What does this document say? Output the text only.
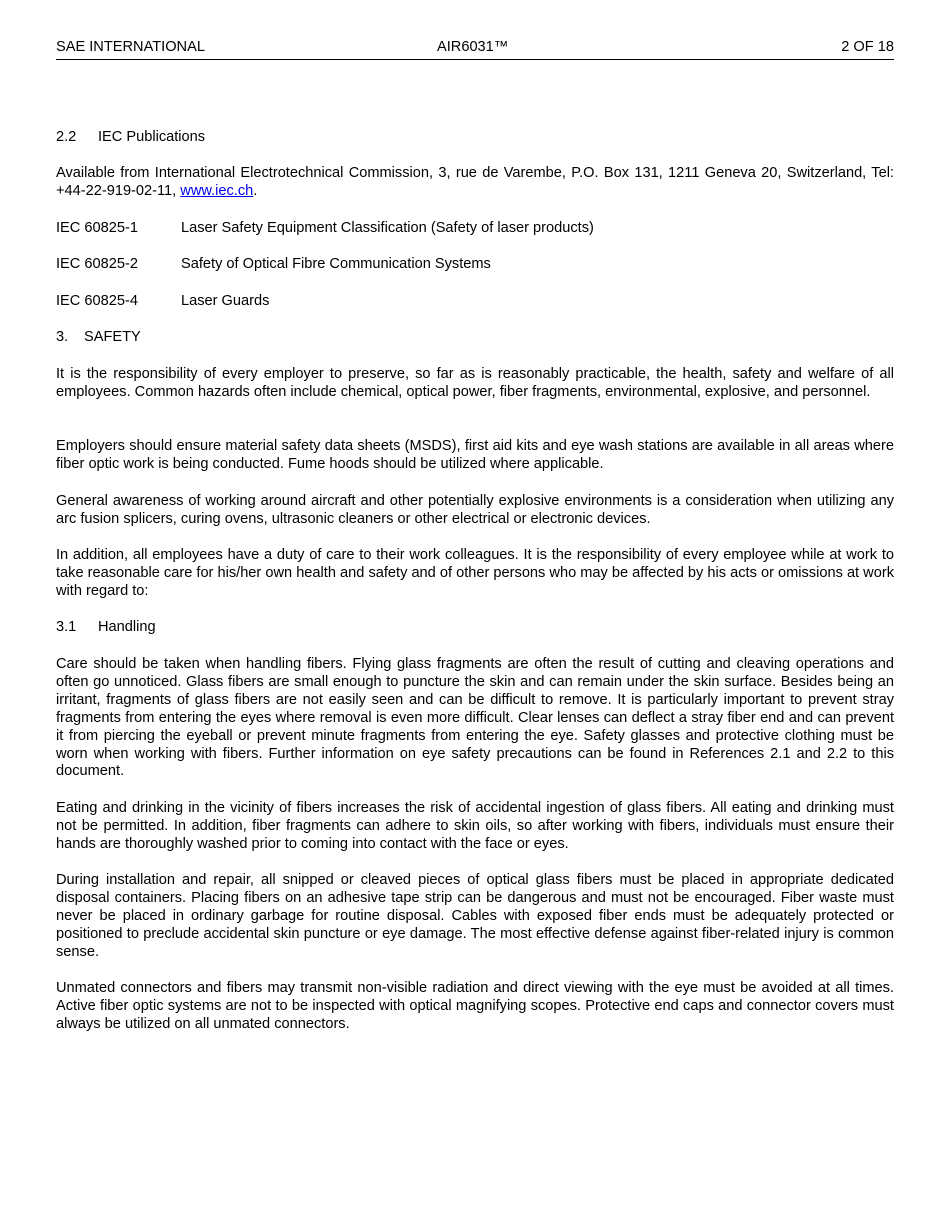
SAE INTERNATIONAL	AIR6031™	2 OF 18
2.2 IEC Publications
Available from International Electrotechnical Commission, 3, rue de Varembe, P.O. Box 131, 1211 Geneva 20, Switzerland, Tel: +44-22-919-02-11, www.iec.ch.
IEC 60825-1	Laser Safety Equipment Classification (Safety of laser products)
IEC 60825-2	Safety of Optical Fibre Communication Systems
IEC 60825-4	Laser Guards
3. SAFETY
It is the responsibility of every employer to preserve, so far as is reasonably practicable, the health, safety and welfare of all employees. Common hazards often include chemical, optical power, fiber fragments, environmental, explosive, and personnel.
Employers should ensure material safety data sheets (MSDS), first aid kits and eye wash stations are available in all areas where fiber optic work is being conducted. Fume hoods should be utilized where applicable.
General awareness of working around aircraft and other potentially explosive environments is a consideration when utilizing any arc fusion splicers, curing ovens, ultrasonic cleaners or other electrical or electronic devices.
In addition, all employees have a duty of care to their work colleagues. It is the responsibility of every employee while at work to take reasonable care for his/her own health and safety and of other persons who may be affected by his acts or omissions at work with regard to:
3.1 Handling
Care should be taken when handling fibers. Flying glass fragments are often the result of cutting and cleaving operations and often go unnoticed. Glass fibers are small enough to puncture the skin and can remain under the skin surface. Besides being an irritant, fragments of glass fibers are not easily seen and can be difficult to remove. It is particularly important to prevent stray fragments from entering the eyes where removal is even more difficult. Clear lenses can deflect a stray fiber end and can prevent it from piercing the eyeball or prevent minute fragments from entering the eye. Safety glasses and protective clothing must be worn when working with fibers. Further information on eye safety precautions can be found in References 2.1 and 2.2 to this document.
Eating and drinking in the vicinity of fibers increases the risk of accidental ingestion of glass fibers. All eating and drinking must not be permitted. In addition, fiber fragments can adhere to skin oils, so after working with fibers, individuals must ensure their hands are thoroughly washed prior to coming into contact with the face or eyes.
During installation and repair, all snipped or cleaved pieces of optical glass fibers must be placed in appropriate dedicated disposal containers. Placing fibers on an adhesive tape strip can be dangerous and must not be encouraged. Fiber waste must never be placed in ordinary garbage for routine disposal. Cables with exposed fiber ends must be adequately protected or positioned to preclude accidental skin puncture or eye damage. The most effective defense against fiber-related injury is common sense.
Unmated connectors and fibers may transmit non-visible radiation and direct viewing with the eye must be avoided at all times. Active fiber optic systems are not to be inspected with optical magnifying scopes. Protective end caps and connector covers must always be utilized on all unmated connectors.
